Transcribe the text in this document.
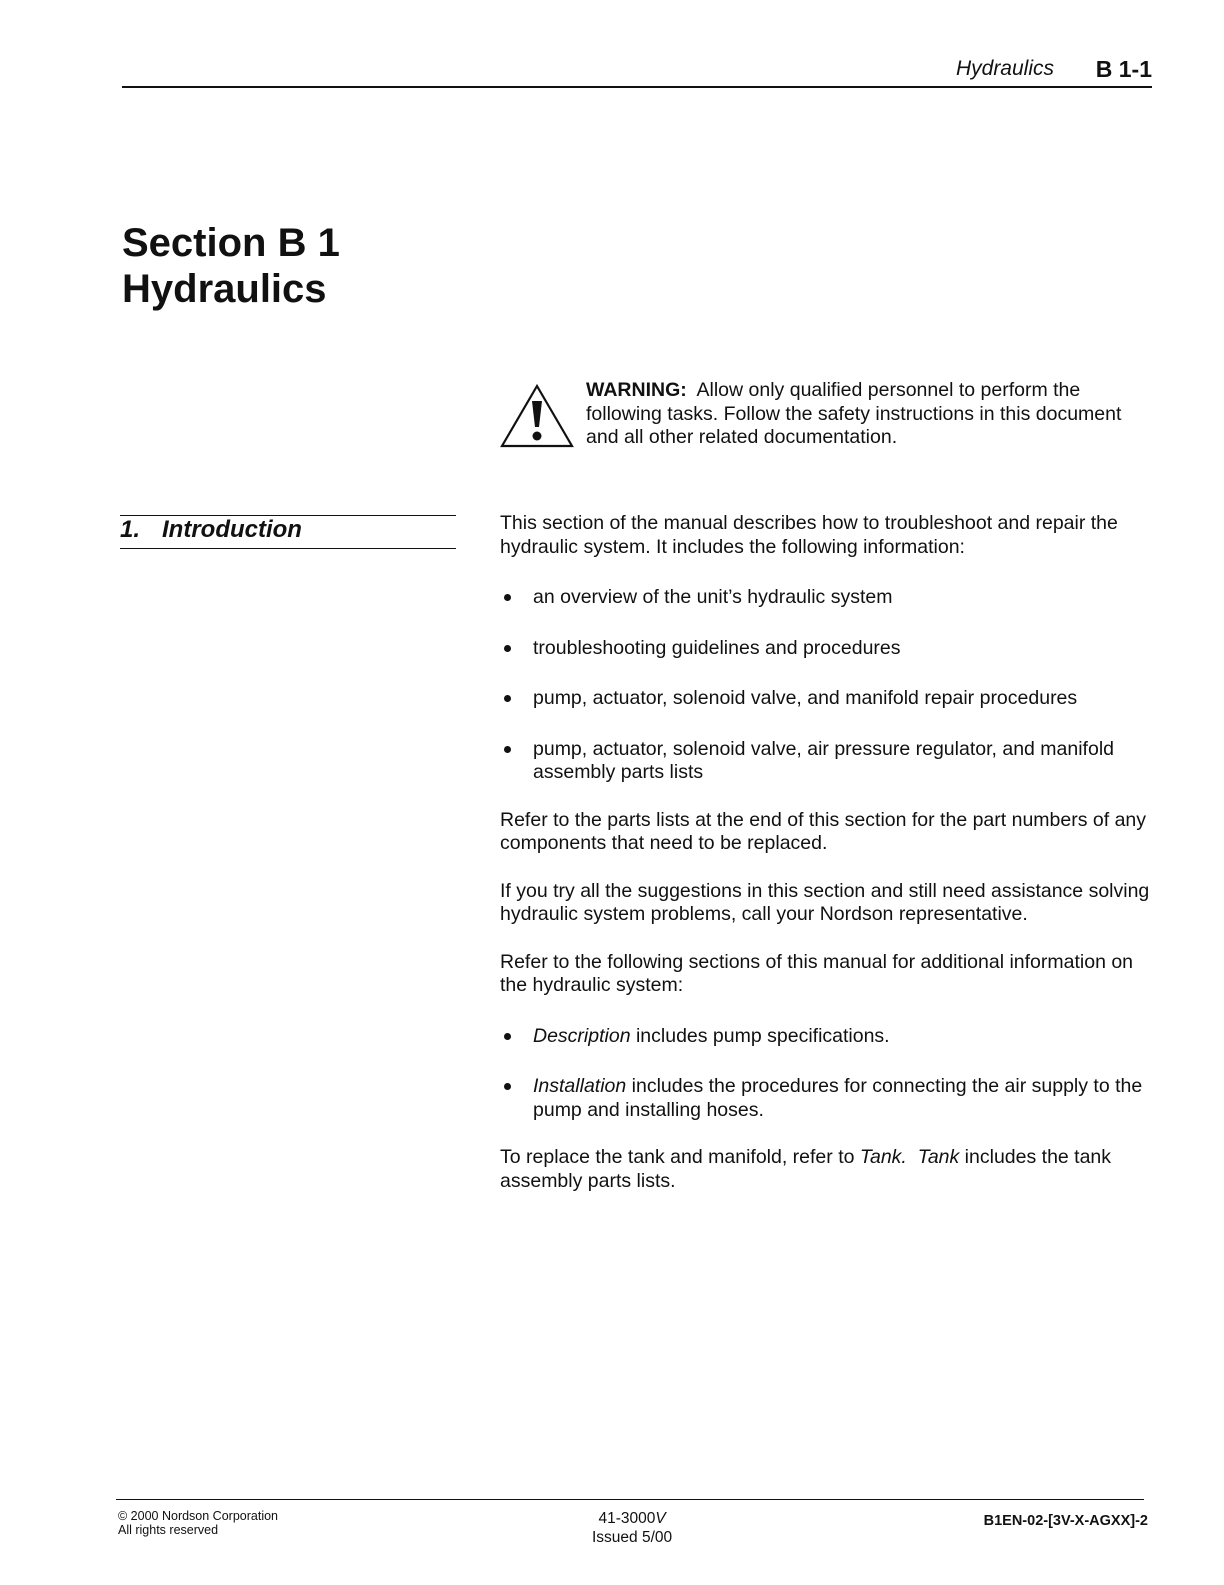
Hydraulics B 1-1
Section B 1
Hydraulics
WARNING: Allow only qualified personnel to perform the following tasks. Follow the safety instructions in this document and all other related documentation.
1. Introduction	This section of the manual describes how to troubleshoot and repair the hydraulic system. It includes the following information:

an overview of the unit’s hydraulic system
troubleshooting guidelines and procedures
pump, actuator, solenoid valve, and manifold repair procedures
pump, actuator, solenoid valve, air pressure regulator, and manifold assembly parts lists

Refer to the parts lists at the end of this section for the part numbers of any components that need to be replaced.

If you try all the suggestions in this section and still need assistance solving hydraulic system problems, call your Nordson representative.

Refer to the following sections of this manual for additional information on the hydraulic system:

Description includes pump specifications.
Installation includes the procedures for connecting the air supply to the pump and installing hoses.

To replace the tank and manifold, refer to Tank. Tank includes the tank assembly parts lists.

© 2000 Nordson Corporation
All rights reserved
41-3000V
Issued 5/00
B1EN-02-[3V-X-AGXX]-2
